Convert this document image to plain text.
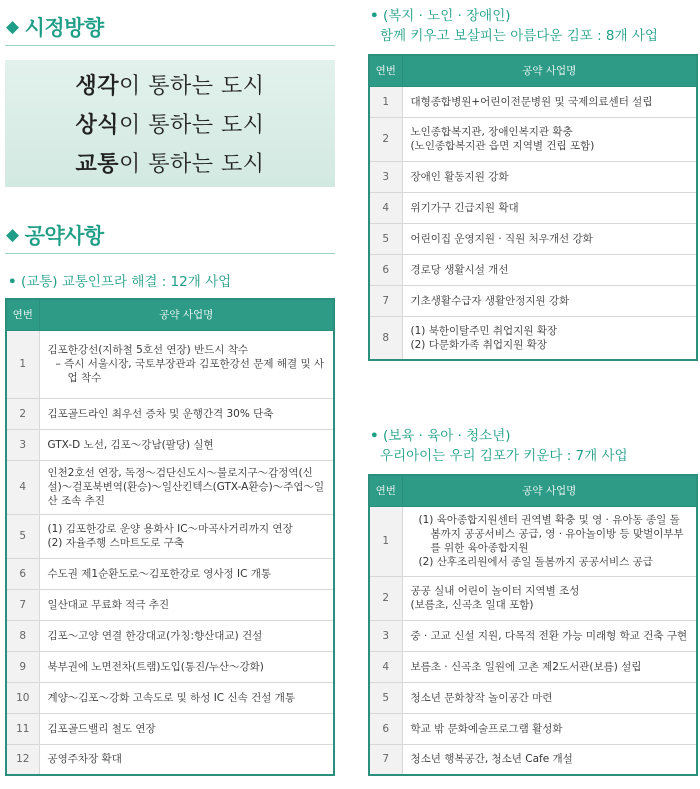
◆ 시정방향
생각이 통하는 도시
상식이 통하는 도시
교통이 통하는 도시
◆ 공약사항
• (교통) 교통인프라 해결 : 12개 사업
연번	공약 사업명
1	김포한강선(지하철 5호선 연장) 반드시 착수
– 즉시 서울시장, 국토부장관과 김포한강선 문제 해결 및 사업 착수

2	김포골드라인 최우선 증차 및 운행간격 30% 단축

3	GTX-D 노선, 김포～강남(팔당) 실현

4	인천2호선 연장, 독정～검단신도시～불로지구～감정역(신설)～걸포북변역(환승)～일산킨텍스(GTX-A환승)～주엽～일산 조속 추진

5	(1) 김포한강로 운양 용화사 IC～마곡사거리까지 연장
(2) 자율주행 스마트도로 구축

6	수도권 제1순환도로～김포한강로 영사정 IC 개통

7	일산대교 무료화 적극 추진

8	김포～고양 연결 한강대교(가칭:향산대교) 건설

9	북부권에 노면전차(트램)도입(통진/누산～강화)

10	계양～김포～강화 고속도로 및 하성 IC 신속 건설 개통

11	김포골드밸리 철도 연장

12	공영주차장 확대
• (복지 · 노인 · 장애인)
함께 키우고 보살피는 아름다운 김포 : 8개 사업
연번	공약 사업명
1	대형종합병원+어린이전문병원 및 국제의료센터 설립

2	노인종합복지관, 장애인복지관 확충
(노인종합복지관 읍면 지역별 건립 포함)

3	장애인 활동지원 강화

4	위기가구 긴급지원 확대

5	어린이집 운영지원 · 직원 처우개선 강화

6	경로당 생활시설 개선

7	기초생활수급자 생활안정지원 강화

8	(1) 북한이탈주민 취업지원 확장
(2) 다문화가족 취업지원 확장
• (보육 · 육아 · 청소년)
우리아이는 우리 김포가 키운다 : 7개 사업
연번	공약 사업명
1	(1) 육아종합지원센터 권역별 확충 및 영 · 유아동 종일 돌봄까지 공공서비스 공급, 영 · 유아놀이방 등 맞벌이부부를 위한 육아종합지원
(2) 산후조리원에서 종일 돌봄까지 공공서비스 공급

2	공공 실내 어린이 놀이터 지역별 조성
(보름초, 신곡초 일대 포함)

3	중 · 고교 신설 지원, 다목적 전환 가능 미래형 학교 건축 구현

4	보름초 · 신곡초 일원에 고촌 제2도서관(보름) 설립

5	청소년 문화창작 놀이공간 마련

6	학교 밖 문화예술프로그램 활성화

7	청소년 행복공간, 청소년 Cafe 개설
